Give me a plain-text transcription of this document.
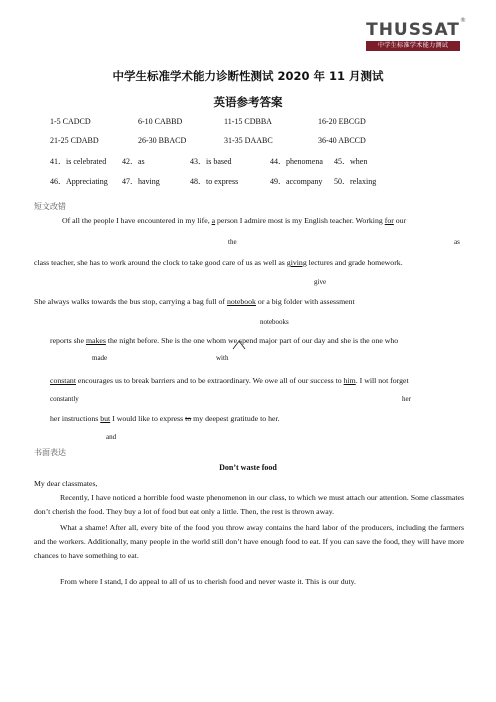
THUSSAT ®
中学生标准学术能力测试
中学生标准学术能力诊断性测试 2020 年 11 月测试
英语参考答案
1-5 CADCD	6-10 CABBD	11-15 CDBBA	16-20 EBCGD
21-25 CDABD	26-30 BBACD	31-35 DAABC	36-40 ABCCD
41．is celebrated 42．as	43．is based	44．phenomena 45．when
46．Appreciating 47．having	48．to express	49．accompany 50．relaxing
短文改错
Of all the people I have encountered in my life, a person I admire most is my English teacher. Working for our
the	as
class teacher, she has to work around the clock to take good care of us as well as giving lectures and grade homework.
give
She always walks towards the bus stop, carrying a bag full of notebook or a big folder with assessment
notebooks
reports she makes the night before. She is the one whom we spend major part of our day and she is the one who
made	with
constant encourages us to break barriers and to be extraordinary. We owe all of our success to him. I will not forget
constantly	her
her instructions but I would like to express to my deepest gratitude to her.
and
书面表达
Don’t waste food
My dear classmates,
Recently, I have noticed a horrible food waste phenomenon in our class, to which we must attach our attention. Some classmates don’t cherish the food. They buy a lot of food but eat only a little. Then, the rest is thrown away.
What a shame! After all, every bite of the food you throw away contains the hard labor of the producers, including the farmers and the workers. Additionally, many people in the world still don’t have enough food to eat. If you can save the food, they will have more chances to have something to eat.
From where I stand, I do appeal to all of us to cherish food and never waste it. This is our duty.
